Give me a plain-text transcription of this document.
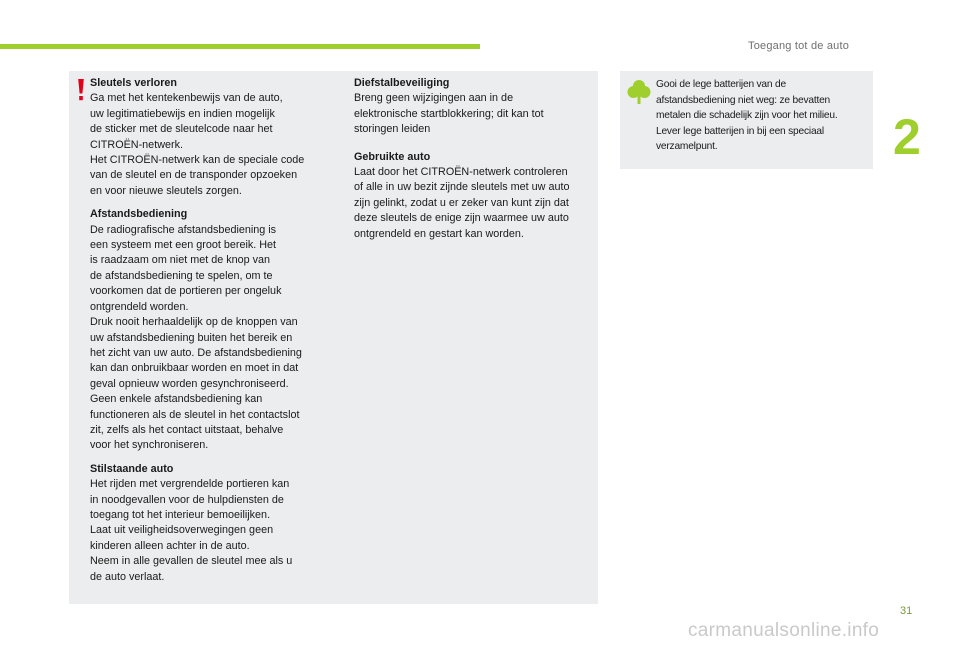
Toegang tot de auto
2
Sleutels verloren

Ga met het kentekenbewijs van de auto,
uw legitimatiebewijs en indien mogelijk
de sticker met de sleutelcode naar het
CITROËN-netwerk.
Het CITROËN-netwerk kan de speciale code
van de sleutel en de transponder opzoeken
en voor nieuwe sleutels zorgen.

Afstandsbediening

De radiografische afstandsbediening is
een systeem met een groot bereik. Het
is raadzaam om niet met de knop van
de afstandsbediening te spelen, om te
voorkomen dat de portieren per ongeluk
ontgrendeld worden.
Druk nooit herhaaldelijk op de knoppen van
uw afstandsbediening buiten het bereik en
het zicht van uw auto. De afstandsbediening
kan dan onbruikbaar worden en moet in dat
geval opnieuw worden gesynchroniseerd.
Geen enkele afstandsbediening kan
functioneren als de sleutel in het contactslot
zit, zelfs als het contact uitstaat, behalve
voor het synchroniseren.

Stilstaande auto

Het rijden met vergrendelde portieren kan
in noodgevallen voor de hulpdiensten de
toegang tot het interieur bemoeilijken.
Laat uit veiligheidsoverwegingen geen
kinderen alleen achter in de auto.
Neem in alle gevallen de sleutel mee als u
de auto verlaat.

Diefstalbeveiliging

Breng geen wijzigingen aan in de
elektronische startblokkering; dit kan tot
storingen leiden

Gebruikte auto

Laat door het CITROËN-netwerk controleren
of alle in uw bezit zijnde sleutels met uw auto
zijn gelinkt, zodat u er zeker van kunt zijn dat
deze sleutels de enige zijn waarmee uw auto
ontgrendeld en gestart kan worden.

Gooi de lege batterijen van de
afstandsbediening niet weg: ze bevatten
metalen die schadelijk zijn voor het milieu.
Lever lege batterijen in bij een speciaal
verzamelpunt.
31
carmanualsonline.info
